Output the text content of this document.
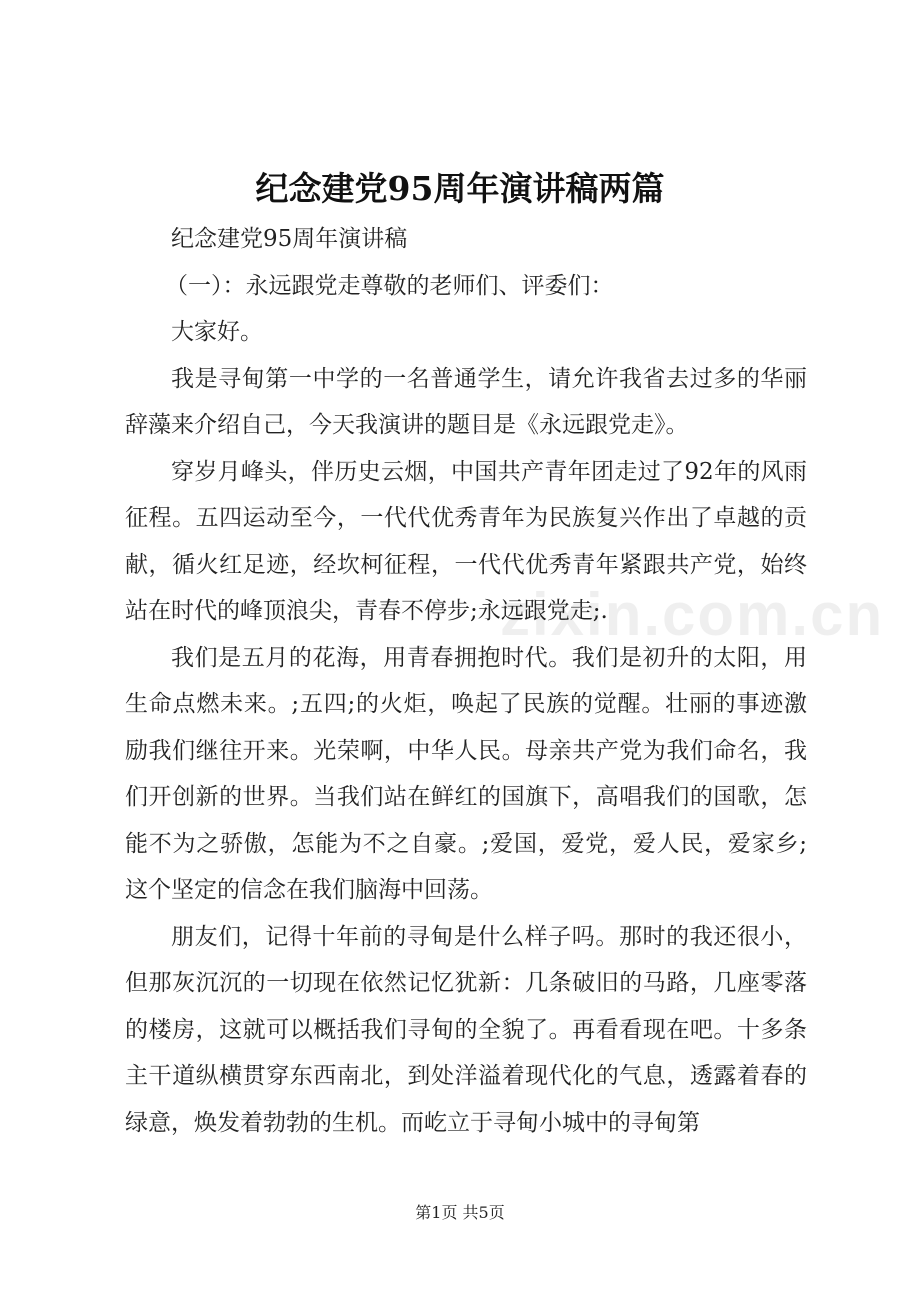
纪念建党95周年演讲稿两篇

纪念建党95周年演讲稿

（一）：永远跟党走尊敬的老师们、评委们：

大家好。

我是寻甸第一中学的一名普通学生，请允许我省去过多的华丽辞藻来介绍自己，今天我演讲的题目是《永远跟党走》。

穿岁月峰头，伴历史云烟，中国共产青年团走过了92年的风雨征程。五四运动至今，一代代优秀青年为民族复兴作出了卓越的贡献，循火红足迹，经坎柯征程，一代代优秀青年紧跟共产党，始终站在时代的峰顶浪尖，青春不停步;永远跟党走;.

我们是五月的花海，用青春拥抱时代。我们是初升的太阳，用生命点燃未来。;五四;的火炬，唤起了民族的觉醒。壮丽的事迹激励我们继往开来。光荣啊，中华人民。母亲共产党为我们命名，我们开创新的世界。当我们站在鲜红的国旗下，高唱我们的国歌，怎能不为之骄傲，怎能为不之自豪。;爱国，爱党，爱人民，爱家乡;这个坚定的信念在我们脑海中回荡。

朋友们，记得十年前的寻甸是什么样子吗。那时的我还很小，但那灰沉沉的一切现在依然记忆犹新：几条破旧的马路，几座零落的楼房，这就可以概括我们寻甸的全貌了。再看看现在吧。十多条主干道纵横贯穿东西南北，到处洋溢着现代化的气息，透露着春的绿意，焕发着勃勃的生机。而屹立于寻甸小城中的寻甸第

zixin.com.cn
第1页 共5页
